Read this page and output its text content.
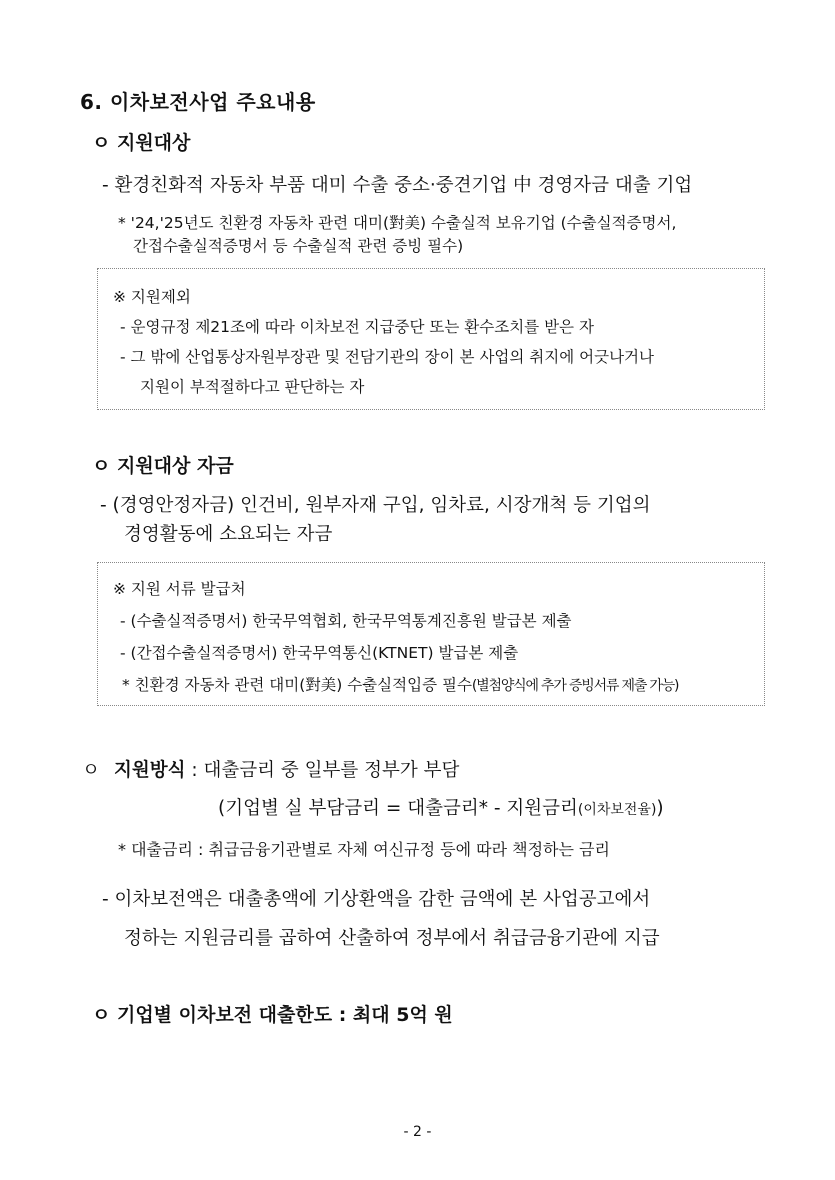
6. 이차보전사업 주요내용
ㅇ 지원대상
- 환경친화적 자동차 부품 대미 수출 중소·중견기업 中 경영자금 대출 기업
* '24,'25년도 친환경 자동차 관련 대미(對美) 수출실적 보유기업 (수출실적증명서,
간접수출실적증명서 등 수출실적 관련 증빙 필수)
※ 지원제외
- 운영규정 제21조에 따라 이차보전 지급중단 또는 환수조치를 받은 자
- 그 밖에 산업통상자원부장관 및 전담기관의 장이 본 사업의 취지에 어긋나거나
지원이 부적절하다고 판단하는 자
ㅇ 지원대상 자금
- (경영안정자금) 인건비, 원부자재 구입, 임차료, 시장개척 등 기업의
경영활동에 소요되는 자금
※ 지원 서류 발급처
- (수출실적증명서) 한국무역협회, 한국무역통계진흥원 발급본 제출
- (간접수출실적증명서) 한국무역통신(KTNET) 발급본 제출
* 친환경 자동차 관련 대미(對美) 수출실적입증 필수(별첨양식에 추가 증빙서류 제출 가능)
ㅇ 지원방식 : 대출금리 중 일부를 정부가 부담
(기업별 실 부담금리 = 대출금리* - 지원금리(이차보전율))
* 대출금리 : 취급금융기관별로 자체 여신규정 등에 따라 책정하는 금리
- 이차보전액은 대출총액에 기상환액을 감한 금액에 본 사업공고에서
정하는 지원금리를 곱하여 산출하여 정부에서 취급금융기관에 지급
ㅇ 기업별 이차보전 대출한도 : 최대 5억 원
- 2 -
